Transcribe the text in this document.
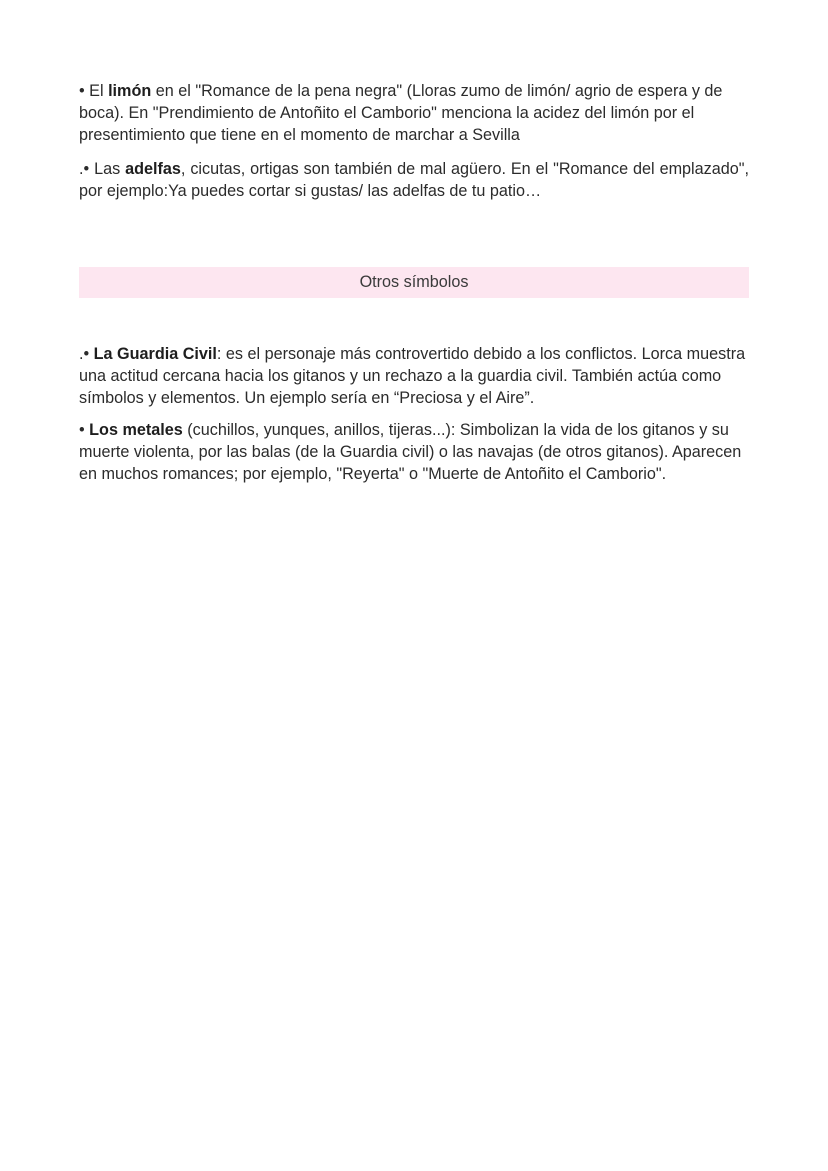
• El limón en el "Romance de la pena negra" (Lloras zumo de limón/ agrio de espera y de boca). En "Prendimiento de Antoñito el Camborio" menciona la acidez del limón por el presentimiento que tiene en el momento de marchar a Sevilla

.• Las adelfas, cicutas, ortigas son también de mal agüero. En el "Romance del emplazado", por ejemplo:Ya puedes cortar si gustas/ las adelfas de tu patio…

Otros símbolos

.• La Guardia Civil: es el personaje más controvertido debido a los conflictos. Lorca muestra una actitud cercana hacia los gitanos y un rechazo a la guardia civil. También actúa como símbolos y elementos. Un ejemplo sería en “Preciosa y el Aire”.

• Los metales (cuchillos, yunques, anillos, tijeras...): Simbolizan la vida de los gitanos y su muerte violenta, por las balas (de la Guardia civil) o las navajas (de otros gitanos). Aparecen en muchos romances; por ejemplo, "Reyerta" o "Muerte de Antoñito el Camborio".
